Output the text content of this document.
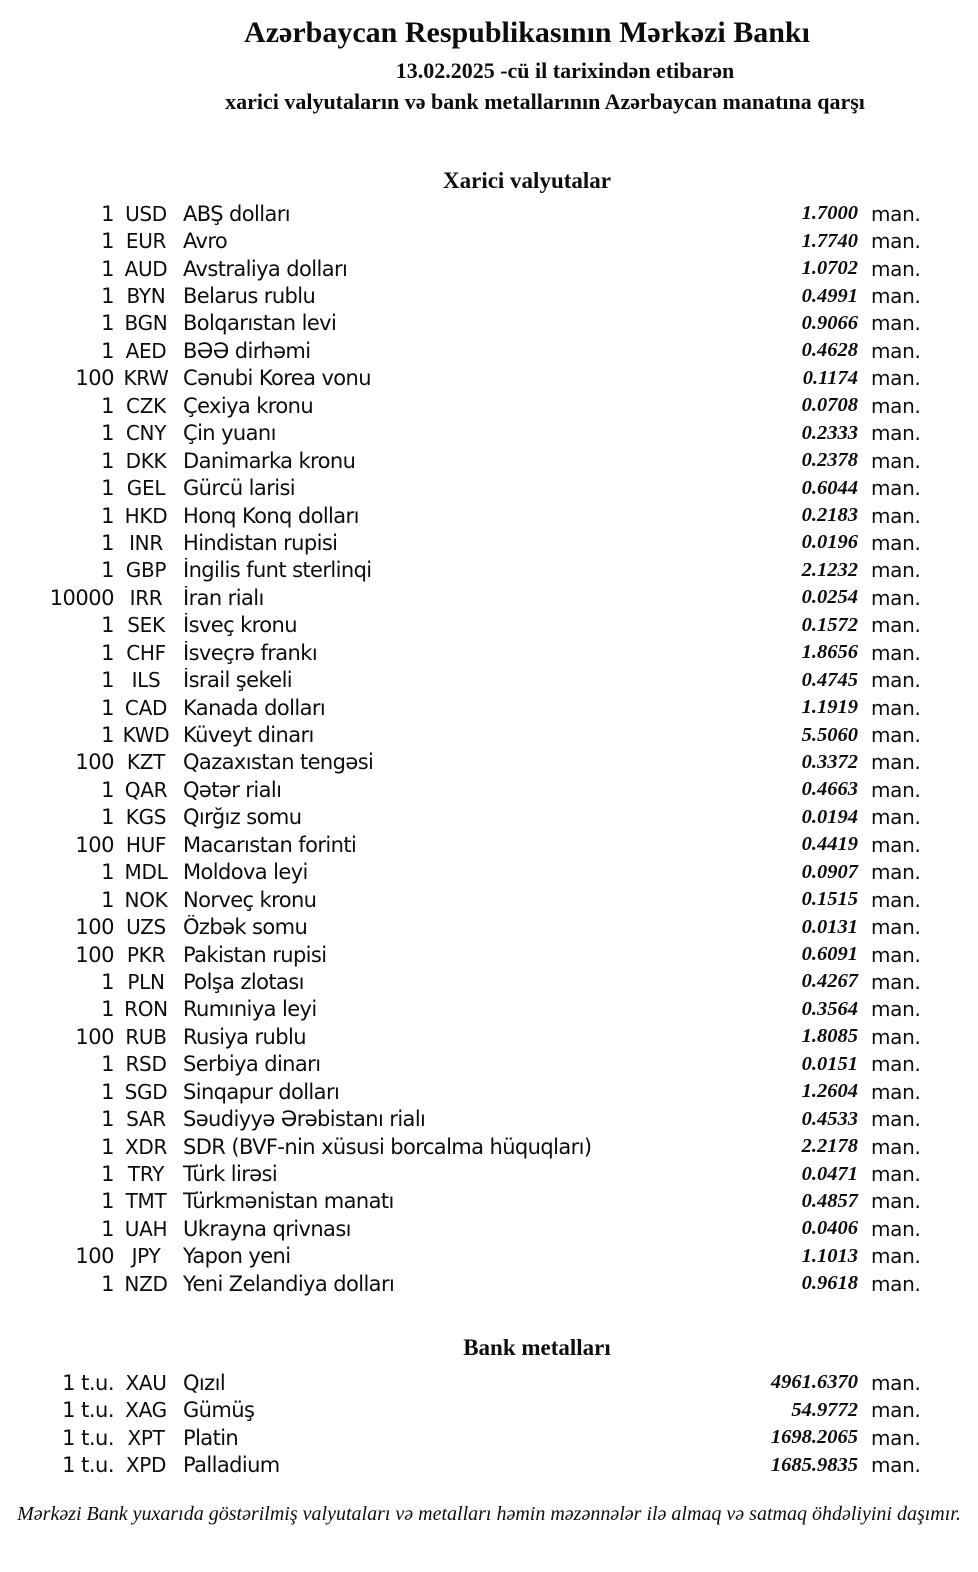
Azərbaycan Respublikasının Mərkəzi Bankı
13.02.2025 -cü il tarixindən etibarən
xarici valyutaların və bank metallarının Azərbaycan manatına qarşı
Xarici valyutalar
1 USD ABŞ dolları	1.7000 man.
1 EUR Avro	1.7740 man.
1 AUD Avstraliya dolları	1.0702 man.
1 BYN Belarus rublu	0.4991 man.
1 BGN Bolqarıstan levi	0.9066 man.
1 AED BƏƏ dirhəmi	0.4628 man.
100 KRW Cənubi Korea vonu	0.1174 man.
1 CZK Çexiya kronu	0.0708 man.
1 CNY Çin yuanı	0.2333 man.
1 DKK Danimarka kronu	0.2378 man.
1 GEL Gürcü larisi	0.6044 man.
1 HKD Honq Konq dolları	0.2183 man.
1 INR Hindistan rupisi	0.0196 man.
1 GBP İngilis funt sterlinqi	2.1232 man.
10000 IRR İran rialı	0.0254 man.
1 SEK İsveç kronu	0.1572 man.
1 CHF İsveçrə frankı	1.8656 man.
1 ILS	İsrail şekeli	0.4745 man.
1 CAD Kanada dolları	1.1919 man.
1 KWD Küveyt dinarı	5.5060 man.
100 KZT Qazaxıstan tengəsi	0.3372 man.
1 QAR Qətər rialı	0.4663 man.
1 KGS Qırğız somu	0.0194 man.
100 HUF Macarıstan forinti	0.4419 man.
1 MDL Moldova leyi	0.0907 man.
1 NOK Norveç kronu	0.1515 man.
100 UZS Özbək somu	0.0131 man.
100 PKR Pakistan rupisi	0.6091 man.
1 PLN Polşa zlotası	0.4267 man.
1 RON Rumıniya leyi	0.3564 man.
100 RUB Rusiya rublu	1.8085 man.
1 RSD Serbiya dinarı	0.0151 man.
1 SGD Sinqapur dolları	1.2604 man.
1 SAR Səudiyyə Ərəbistanı rialı	0.4533 man.
1 XDR SDR (BVF-nin xüsusi borcalma hüquqları)	2.2178 man.
1 TRY Türk lirəsi	0.0471 man.
1 TMT Türkmənistan manatı	0.4857 man.
1 UAH Ukrayna qrivnası	0.0406 man.
100 JPY	Yapon yeni	1.1013 man.
1 NZD Yeni Zelandiya dolları	0.9618 man.
Bank metalları
1 t.u. XAU Qızıl	4961.6370 man.
1 t.u. XAG Gümüş	54.9772 man.
1 t.u. XPT Platin	1698.2065 man.
1 t.u. XPD Palladium	1685.9835 man.
Mərkəzi Bank yuxarıda göstərilmiş valyutaları və metalları həmin məzənnələr ilə almaq və satmaq öhdəliyini daşımır.
